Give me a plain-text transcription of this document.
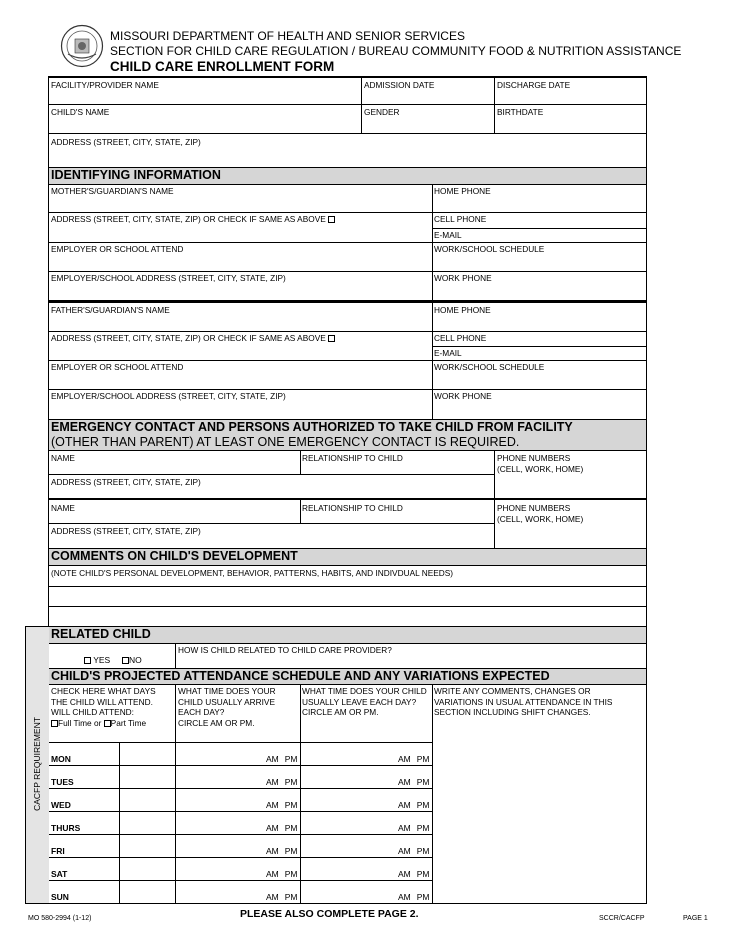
MISSOURI DEPARTMENT OF HEALTH AND SENIOR SERVICES
SECTION FOR CHILD CARE REGULATION / BUREAU COMMUNITY FOOD & NUTRITION ASSISTANCE
CHILD CARE ENROLLMENT FORM
FACILITY/PROVIDER NAME	ADMISSION DATE	DISCHARGE DATE
CHILD'S NAME	GENDER	BIRTHDATE
ADDRESS (STREET, CITY, STATE, ZIP)
IDENTIFYING INFORMATION
MOTHER'S/GUARDIAN'S NAME	HOME PHONE
ADDRESS (STREET, CITY, STATE, ZIP) OR CHECK IF SAME AS ABOVE	CELL PHONE
E-MAIL
EMPLOYER OR SCHOOL ATTEND	WORK/SCHOOL SCHEDULE
EMPLOYER/SCHOOL ADDRESS (STREET, CITY, STATE, ZIP)	WORK PHONE
FATHER'S/GUARDIAN'S NAME	HOME PHONE
ADDRESS (STREET, CITY, STATE, ZIP) OR CHECK IF SAME AS ABOVE	CELL PHONE
E-MAIL
EMPLOYER OR SCHOOL ATTEND	WORK/SCHOOL SCHEDULE
EMPLOYER/SCHOOL ADDRESS (STREET, CITY, STATE, ZIP)	WORK PHONE
EMERGENCY CONTACT AND PERSONS AUTHORIZED TO TAKE CHILD FROM FACILITY
(OTHER THAN PARENT) AT LEAST ONE EMERGENCY CONTACT IS REQUIRED.
NAME	RELATIONSHIP TO CHILD	PHONE NUMBERS
(CELL, WORK, HOME)
ADDRESS (STREET, CITY, STATE, ZIP)
NAME	RELATIONSHIP TO CHILD	PHONE NUMBERS
(CELL, WORK, HOME)
ADDRESS (STREET, CITY, STATE, ZIP)
COMMENTS ON CHILD'S DEVELOPMENT
(NOTE CHILD'S PERSONAL DEVELOPMENT, BEHAVIOR, PATTERNS, HABITS, AND INDIVDUAL NEEDS)
CACFP REQUIREMENT
RELATED CHILD
YES	NO
HOW IS CHILD RELATED TO CHILD CARE PROVIDER?
CHILD'S PROJECTED ATTENDANCE SCHEDULE AND ANY VARIATIONS EXPECTED
CHECK HERE WHAT DAYS
THE CHILD WILL ATTEND.
WILL CHILD ATTEND:
Full Time or Part Time
WHAT TIME DOES YOUR
CHILD USUALLY ARRIVE
EACH DAY?
CIRCLE AM OR PM.
WHAT TIME DOES YOUR CHILD
USUALLY LEAVE EACH DAY?
CIRCLE AM OR PM.
WRITE ANY COMMENTS, CHANGES OR
VARIATIONS IN USUAL ATTENDANCE IN THIS
SECTION INCLUDING SHIFT CHANGES.
MON	AM PM	AM PM
TUES	AM PM	AM PM
WED	AM PM	AM PM
THURS	AM PM	AM PM
FRI	AM PM	AM PM
SAT	AM PM	AM PM
SUN	AM PM	AM PM
MO 580-2994 (1-12)	PLEASE ALSO COMPLETE PAGE 2.	SCCR/CACFP	PAGE 1
